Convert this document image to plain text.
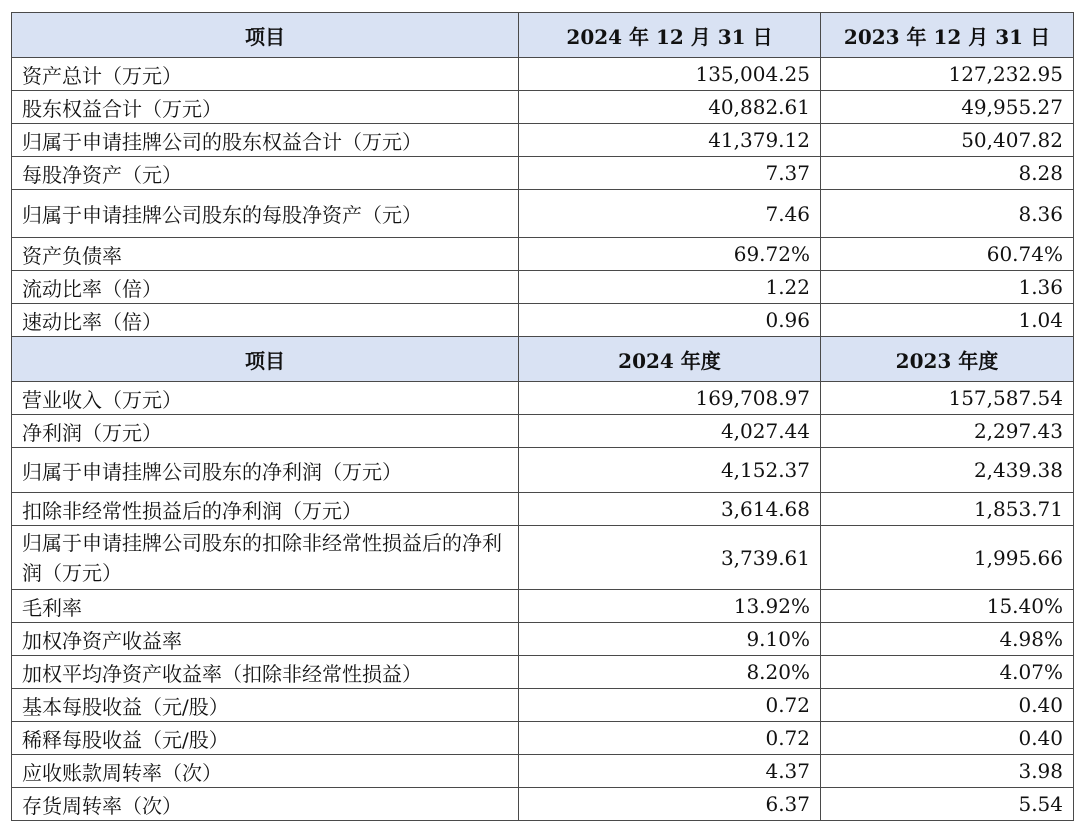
项目	2024 年 12 月 31 日	2023 年 12 月 31 日
资产总计（万元）	135,004.25	127,232.95
股东权益合计（万元）	40,882.61	49,955.27
归属于申请挂牌公司的股东权益合计（万元）	41,379.12	50,407.82
每股净资产（元）	7.37	8.28
归属于申请挂牌公司股东的每股净资产（元）	7.46	8.36
资产负债率	69.72%	60.74%
流动比率（倍）	1.22	1.36
速动比率（倍）	0.96	1.04
项目	2024 年度	2023 年度
营业收入（万元）	169,708.97	157,587.54
净利润（万元）	4,027.44	2,297.43
归属于申请挂牌公司股东的净利润（万元）	4,152.37	2,439.38
扣除非经常性损益后的净利润（万元）	3,614.68	1,853.71
归属于申请挂牌公司股东的扣除非经常性损益后的净利润（万元）	3,739.61	1,995.66
毛利率	13.92%	15.40%
加权净资产收益率	9.10%	4.98%
加权平均净资产收益率（扣除非经常性损益）	8.20%	4.07%
基本每股收益（元/股）	0.72	0.40
稀释每股收益（元/股）	0.72	0.40
应收账款周转率（次）	4.37	3.98
存货周转率（次）	6.37	5.54
